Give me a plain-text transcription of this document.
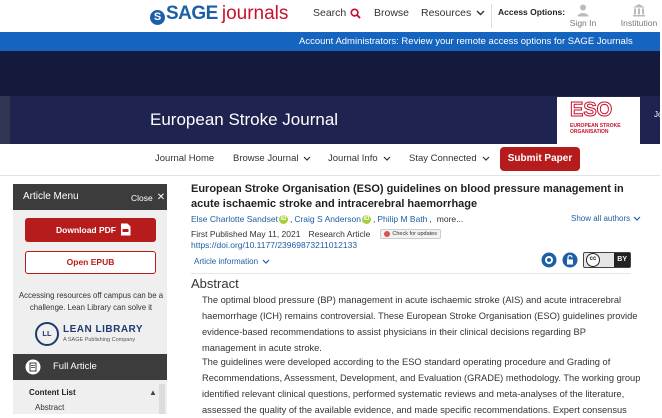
S SAGE journals Search	Browse Resources	Access Options:
Sign In	Institution
Account Administrators: Review your remote access options for SAGE Journals
European Stroke Journal	ESO
EUROPEAN STROKE
ORGANISATION
Jo
Journal Home Browse Journal	Journal Info	Stay Connected	Submit Paper
Article Menu	Close ✕
Download PDF
Open EPUB
Accessing resources off campus can be a challenge. Lean Library can solve it
LL	LEAN LIBRARY
A SAGE Publishing Company
Full Article
Content List	▲
Abstract
European Stroke Organisation (ESO) guidelines on blood pressure management in acute ischaemic stroke and intracerebral haemorrhage
Else Charlotte Sandset iD , Craig S Anderson iD , Philip M Bath , more...	Show all authors
First Published May 11, 2021 Research Article	Check for updates
https://doi.org/10.1177/23969873211012133
Article information	cc	BY
Abstract
The optimal blood pressure (BP) management in acute ischaemic stroke (AIS) and acute intracerebral haemorrhage (ICH) remains controversial. These European Stroke Organisation (ESO) guidelines provide evidence-based recommendations to assist physicians in their clinical decisions regarding BP management in acute stroke.
The guidelines were developed according to the ESO standard operating procedure and Grading of Recommendations, Assessment, Development, and Evaluation (GRADE) methodology. The working group identified relevant clinical questions, performed systematic reviews and meta-analyses of the literature, assessed the quality of the available evidence, and made specific recommendations. Expert consensus
